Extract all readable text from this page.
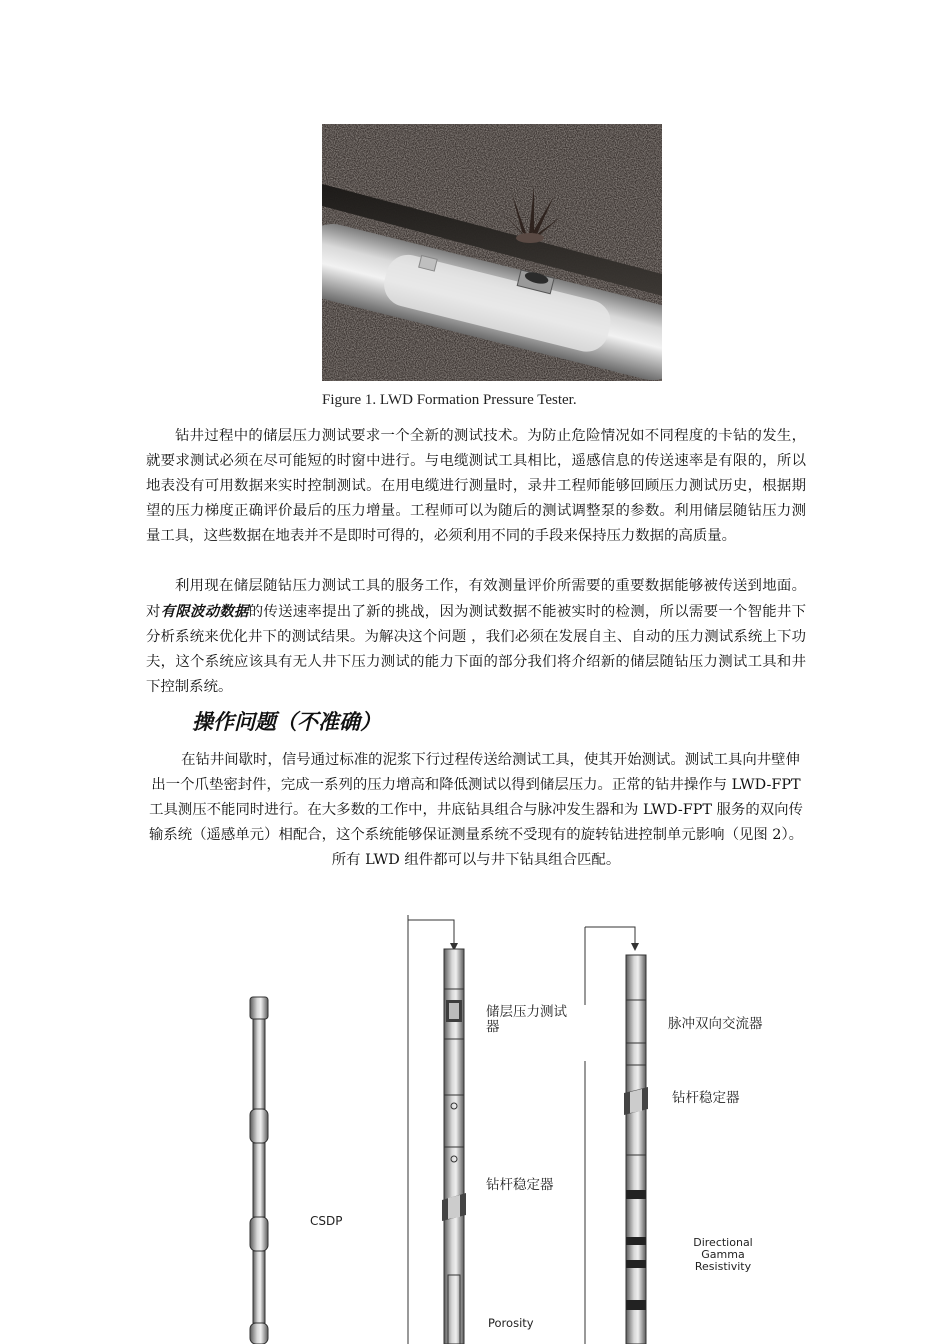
Figure 1. LWD Formation Pressure Tester.

钻井过程中的储层压力测试要求一个全新的测试技术。为防止危险情况如不同程度的卡钻的发生，就要求测试必须在尽可能短的时窗中进行。与电缆测试工具相比，遥感信息的传送速率是有限的，所以地表没有可用数据来实时控制测试。在用电缆进行测量时，录井工程师能够回顾压力测试历史，根据期望的压力梯度正确评价最后的压力增量。工程师可以为随后的测试调整泵的参数。利用储层随钻压力测量工具，这些数据在地表并不是即时可得的，必须利用不同的手段来保持压力数据的高质量。

利用现在储层随钻压力测试工具的服务工作，有效测量评价所需要的重要数据能够被传送到地面。对有限波动数据的传送速率提出了新的挑战，因为测试数据不能被实时的检测，所以需要一个智能井下分析系统来优化井下的测试结果。为解决这个问题 ，我们必须在发展自主、自动的压力测试系统上下功夫，这个系统应该具有无人井下压力测试的能力下面的部分我们将介绍新的储层随钻压力测试工具和井下控制系统。

操作问题（不准确）

在钻井间歇时，信号通过标准的泥浆下行过程传送给测试工具，使其开始测试。测试工具向井壁伸出一个爪垫密封件，完成一系列的压力增高和降低测试以得到储层压力。正常的钻井操作与 LWD-FPT 工具测压不能同时进行。在大多数的工作中，井底钻具组合与脉冲发生器和为 LWD-FPT 服务的双向传输系统（遥感单元）相配合，这个系统能够保证测量系统不受现有的旋转钻进控制单元影响（见图 2）。所有 LWD 组件都可以与井下钻具组合匹配。

CSDP
储层压力测试
器
钻杆稳定器
Porosity
脉冲双向交流器
钻杆稳定器
Directional
Gamma
Resistivity
